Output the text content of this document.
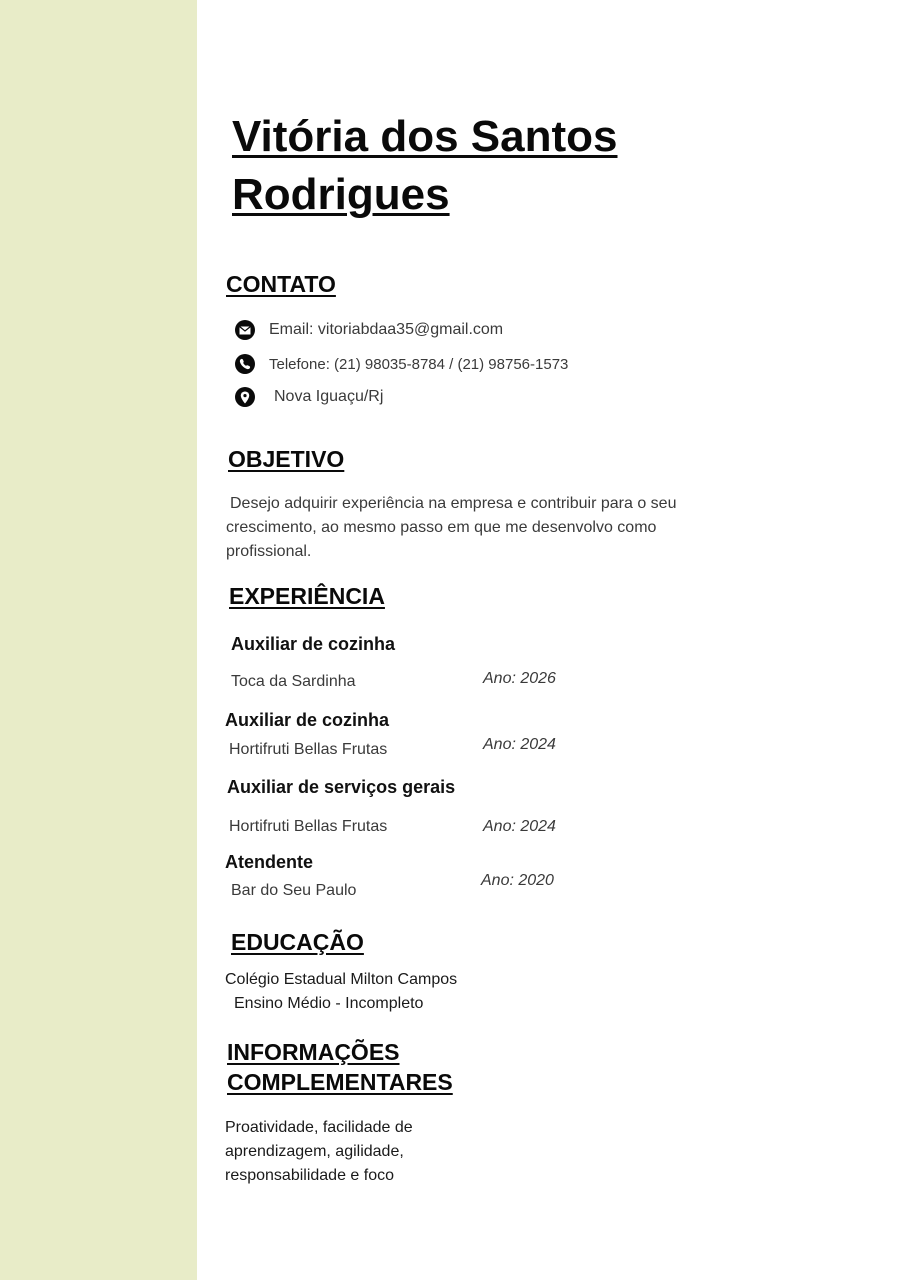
Vitória dos Santos Rodrigues
CONTATO
Email: vitoriabdaa35@gmail.com
Telefone: (21) 98035-8784 / (21) 98756-1573
Nova Iguaçu/Rj
OBJETIVO

Desejo adquirir experiência na empresa e contribuir para o seu crescimento, ao mesmo passo em que me desenvolvo como profissional.

EXPERIÊNCIA
Auxiliar de cozinha
Toca da Sardinha	Ano: 2026
Auxiliar de cozinha
Hortifruti Bellas Frutas	Ano: 2024
Auxiliar de serviços gerais
Hortifruti Bellas Frutas	Ano: 2024
Atendente
Bar do Seu Paulo
Ano: 2020
EDUCAÇÃO
Colégio Estadual Milton Campos
Ensino Médio - Incompleto
INFORMAÇÕES
COMPLEMENTARES

Proatividade, facilidade de aprendizagem, agilidade, responsabilidade e foco
